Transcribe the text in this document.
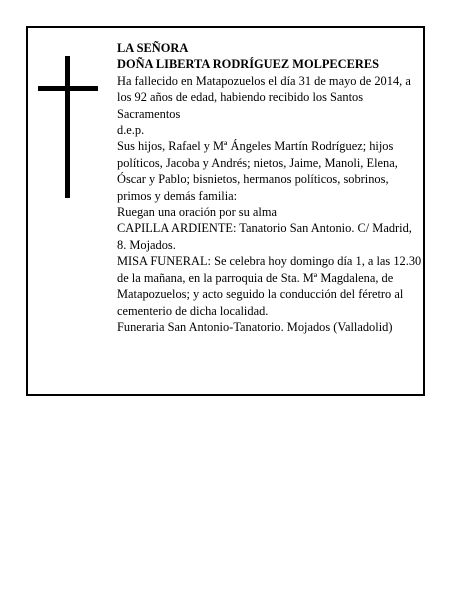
LA SEÑORA

DOÑA LIBERTA RODRÍGUEZ MOLPECERES

Ha fallecido en Matapozuelos el día 31 de mayo de 2014, a los 92 años de edad, habiendo recibido los Santos Sacramentos

d.e.p.

Sus hijos, Rafael y Mª Ángeles Martín Rodríguez; hijos políticos, Jacoba y Andrés; nietos, Jaime, Manoli, Elena, Óscar y Pablo; bisnietos, hermanos políticos, sobrinos, primos y demás familia:

Ruegan una oración por su alma

CAPILLA ARDIENTE: Tanatorio San Antonio. C/ Madrid, 8. Mojados.

MISA FUNERAL: Se celebra hoy domingo día 1, a las 12.30 de la mañana, en la parroquia de Sta. Mª Magdalena, de Matapozuelos; y acto seguido la conducción del féretro al cementerio de dicha localidad.

Funeraria San Antonio-Tanatorio. Mojados (Valladolid)
